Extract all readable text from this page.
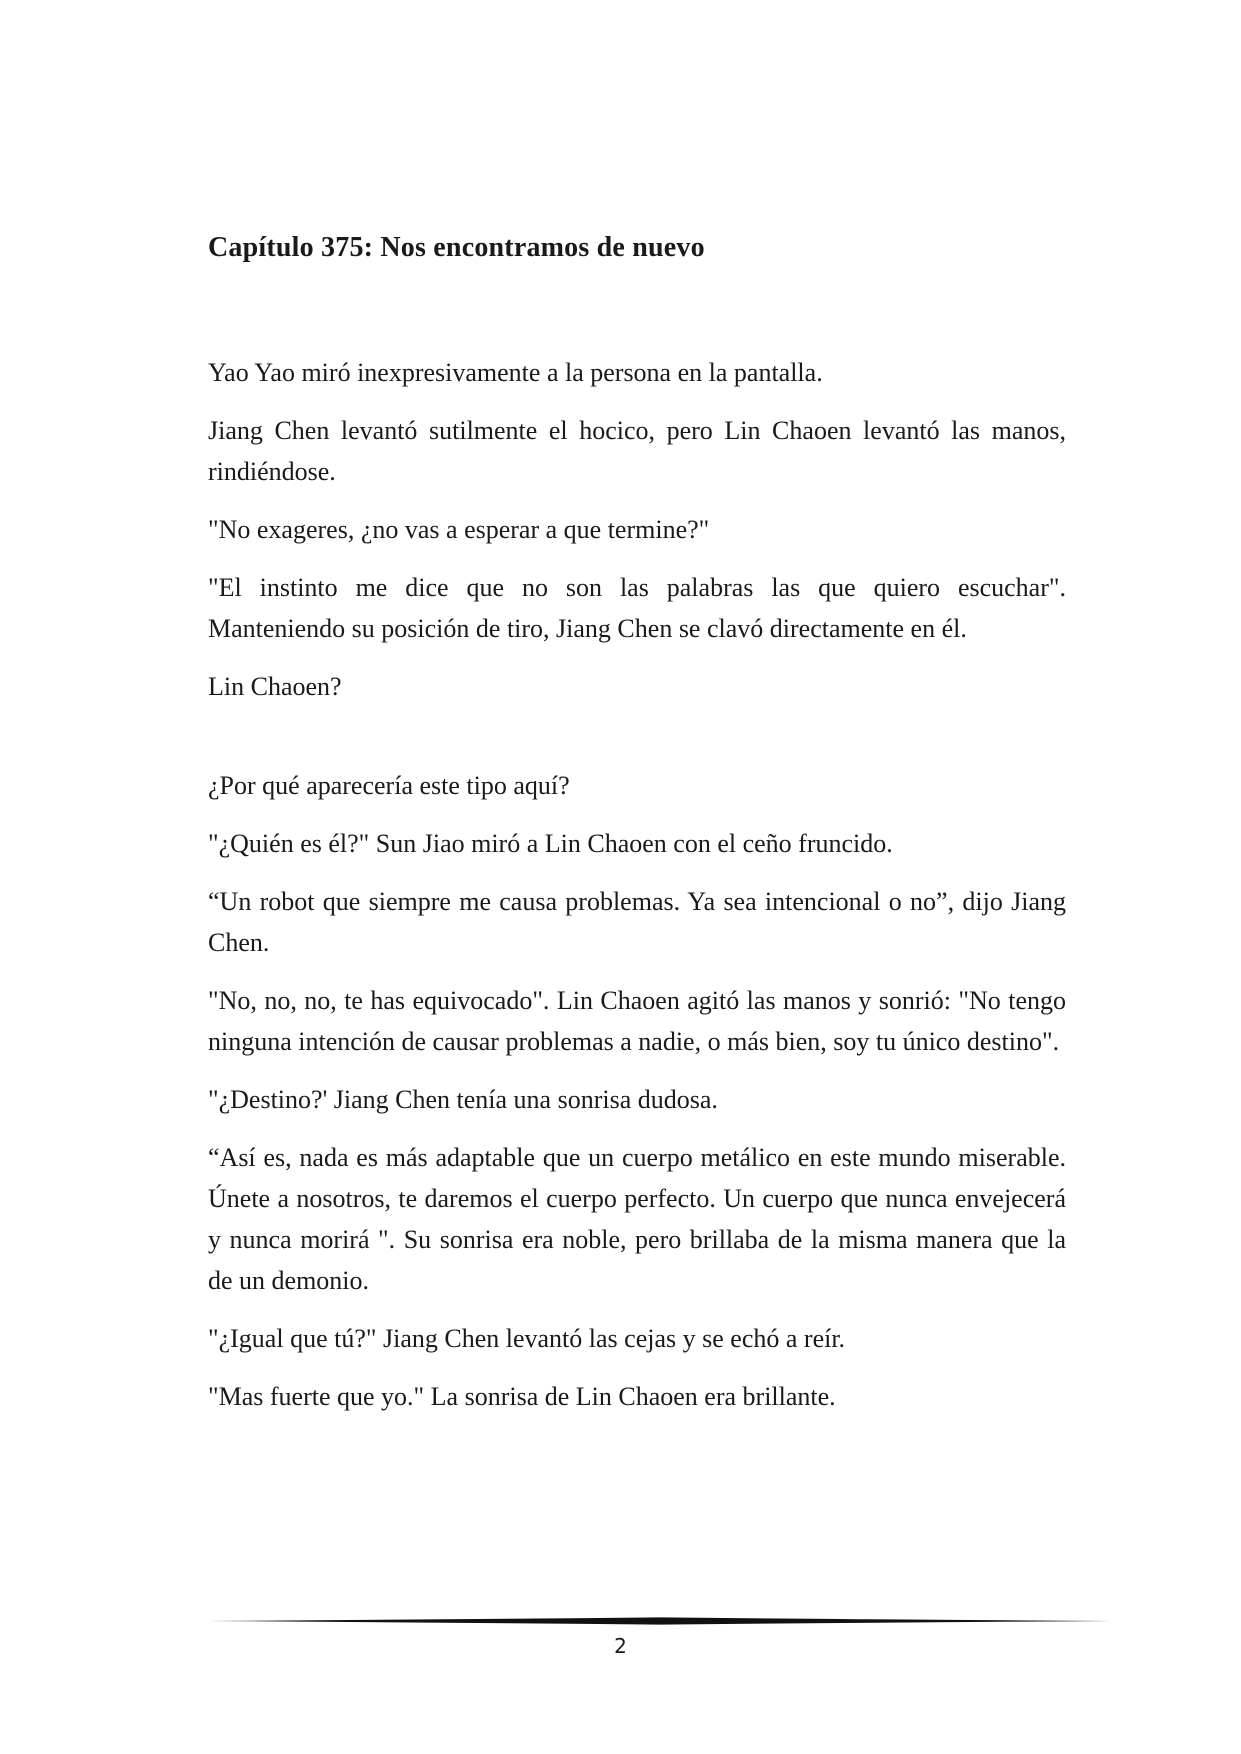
Capítulo 375: Nos encontramos de nuevo

Yao Yao miró inexpresivamente a la persona en la pantalla.

Jiang Chen levantó sutilmente el hocico, pero Lin Chaoen levantó las manos, rindiéndose.

"No exageres, ¿no vas a esperar a que termine?"

"El instinto me dice que no son las palabras las que quiero escuchar". Manteniendo su posición de tiro, Jiang Chen se clavó directamente en él.

Lin Chaoen?

¿Por qué aparecería este tipo aquí?

"¿Quién es él?" Sun Jiao miró a Lin Chaoen con el ceño fruncido.

“Un robot que siempre me causa problemas. Ya sea intencional o no”, dijo Jiang Chen.

"No, no, no, te has equivocado". Lin Chaoen agitó las manos y sonrió: "No tengo ninguna intención de causar problemas a nadie, o más bien, soy tu único destino".

"¿Destino?' Jiang Chen tenía una sonrisa dudosa.

“Así es, nada es más adaptable que un cuerpo metálico en este mundo miserable. Únete a nosotros, te daremos el cuerpo perfecto. Un cuerpo que nunca envejecerá y nunca morirá ". Su sonrisa era noble, pero brillaba de la misma manera que la de un demonio.

"¿Igual que tú?" Jiang Chen levantó las cejas y se echó a reír.

"Mas fuerte que yo." La sonrisa de Lin Chaoen era brillante.

2
